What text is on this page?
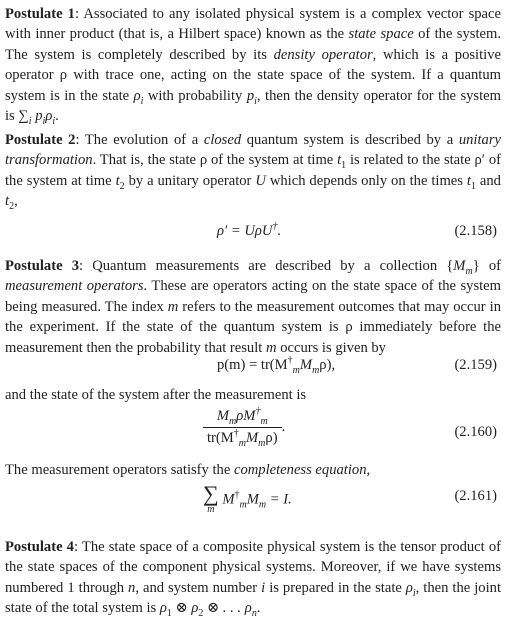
Postulate 1: Associated to any isolated physical system is a complex vector space with inner product (that is, a Hilbert space) known as the state space of the system. The system is completely described by its density operator, which is a positive operator ρ with trace one, acting on the state space of the system. If a quantum system is in the state $\rho_i$ with probability $p_i$, then the density operator for the system is $\sum_i$ $p_i\rho_i$.

Postulate 2: The evolution of a closed quantum system is described by a unitary transformation. That is, the state ρ of the system at time $t_1$ is related to the state ρ′ of the system at time $t_2$ by a unitary operator U which depends only on the times $t_1$ and $t_2$,

ρ′ = UρU†.	(2.158)

Postulate 3: Quantum measurements are described by a collection $\{M_m\}$ of measurement operators. These are operators acting on the state space of the system being measured. The index m refers to the measurement outcomes that may occur in the experiment. If the state of the quantum system is ρ immediately before the measurement then the probability that result m occurs is given by

$p(m) = tr(M^\dagger_mM_m\rho)$,	(2.159)

and the state of the system after the measurement is

$\frac{M_m\rho M^\dagger_m}{tr(M^\dagger_mM_m\rho)}$ .	(2.160)

The measurement operators satisfy the completeness equation,

∑
m
$M^\dagger_mM_m = I$.	(2.161)

Postulate 4: The state space of a composite physical system is the tensor product of the state spaces of the component physical systems. Moreover, if we have systems numbered 1 through n, and system number i is prepared in the state $\rho_i$, then the joint state of the total system is $\rho_1$ ⊗ $\rho_2$ ⊗ . . . $\rho_n$.
